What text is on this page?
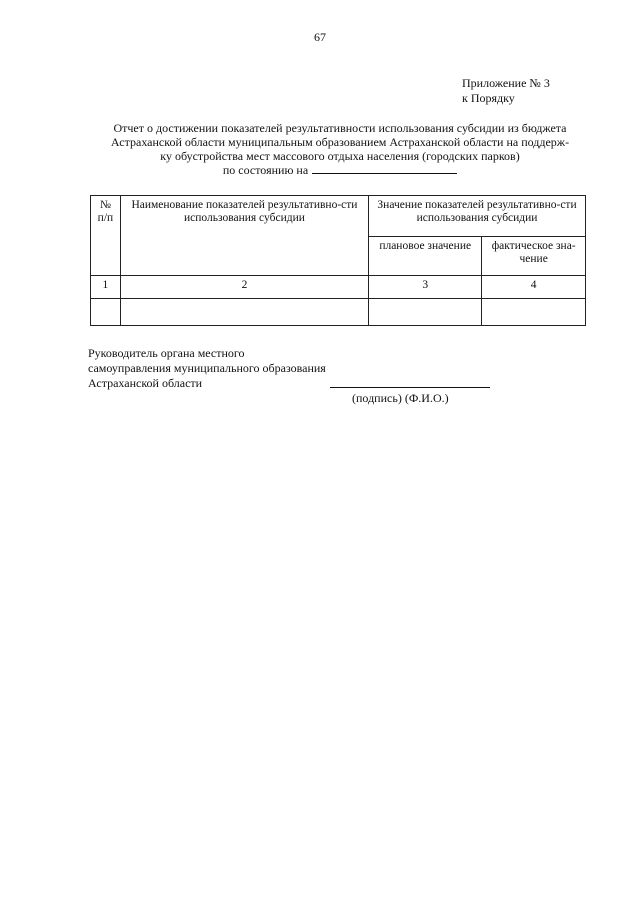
67
Приложение № 3
к Порядку
Отчет о достижении показателей результативности использования субсидии из бюджета
Астраханской области муниципальным образованием Астраханской области на поддерж-
ку обустройства мест массового отдыха населения (городских парков)
по состоянию на
№ п/п	Наименование показателей результативно-сти использования субсидии	Значение показателей результативно-сти использования субсидии	
		плановое значение	фактическое зна-чение
1	2	3	4

Руководитель органа местного
самоуправления муниципального образования
Астраханской области
(подпись) (Ф.И.О.)
